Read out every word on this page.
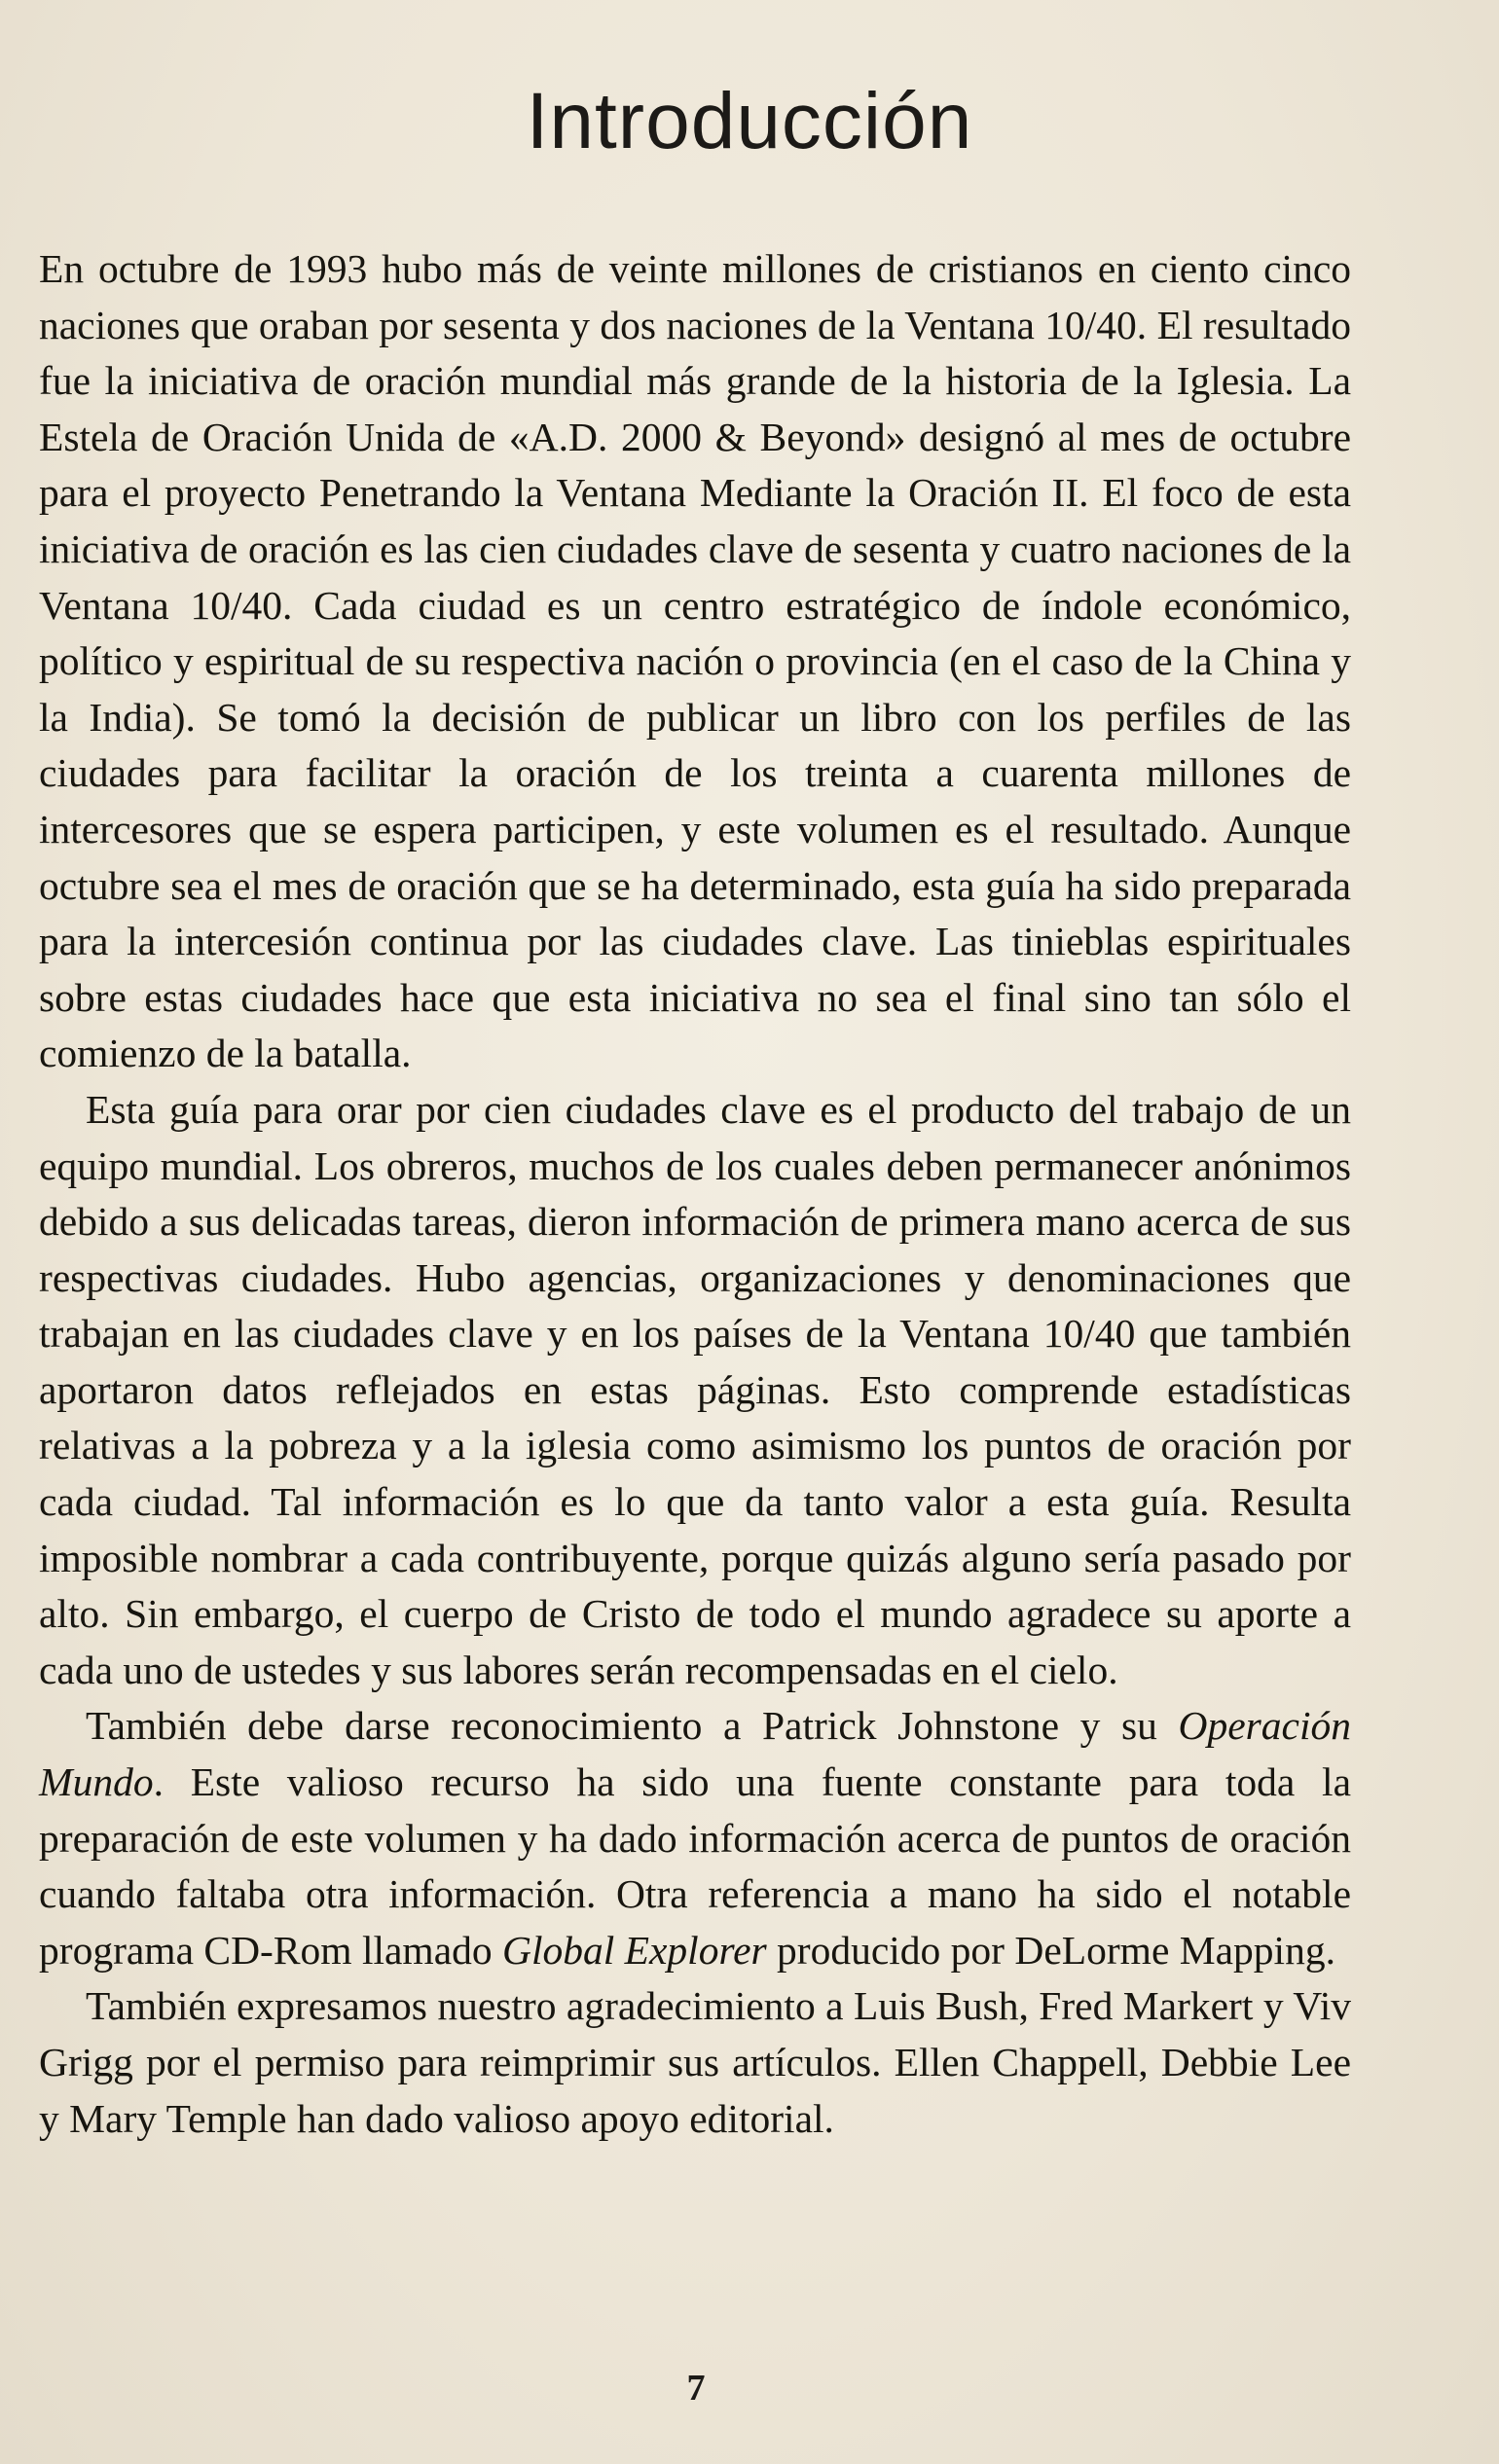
Introducción

En octubre de 1993 hubo más de veinte millones de cristianos en ciento cinco naciones que oraban por sesenta y dos naciones de la Ventana 10/40. El resultado fue la iniciativa de oración mundial más grande de la historia de la Iglesia. La Estela de Oración Unida de «A.D. 2000 & Beyond» designó al mes de octubre para el proyecto Penetrando la Ventana Mediante la Oración II. El foco de esta iniciativa de oración es las cien ciudades clave de sesenta y cuatro naciones de la Ventana 10/40. Cada ciudad es un centro estratégico de índole económico, político y espiritual de su respectiva nación o provincia (en el caso de la China y la India). Se tomó la decisión de publicar un libro con los perfiles de las ciudades para facilitar la oración de los treinta a cuarenta millones de intercesores que se espera participen, y este volumen es el resultado. Aunque octubre sea el mes de oración que se ha determinado, esta guía ha sido preparada para la intercesión continua por las ciudades clave. Las tinieblas espirituales sobre estas ciudades hace que esta iniciativa no sea el final sino tan sólo el comienzo de la batalla.

Esta guía para orar por cien ciudades clave es el producto del trabajo de un equipo mundial. Los obreros, muchos de los cuales deben permanecer anónimos debido a sus delicadas tareas, dieron información de primera mano acerca de sus respectivas ciudades. Hubo agencias, organizaciones y denominaciones que trabajan en las ciudades clave y en los países de la Ventana 10/40 que también aportaron datos reflejados en estas páginas. Esto comprende estadísticas relativas a la pobreza y a la iglesia como asimismo los puntos de oración por cada ciudad. Tal información es lo que da tanto valor a esta guía. Resulta imposible nombrar a cada contribuyente, porque quizás alguno sería pasado por alto. Sin embargo, el cuerpo de Cristo de todo el mundo agradece su aporte a cada uno de ustedes y sus labores serán recompensadas en el cielo.

También debe darse reconocimiento a Patrick Johnstone y su Operación Mundo. Este valioso recurso ha sido una fuente constante para toda la preparación de este volumen y ha dado información acerca de puntos de oración cuando faltaba otra información. Otra referencia a mano ha sido el notable programa CD-Rom llamado Global Explorer producido por DeLorme Mapping.

También expresamos nuestro agradecimiento a Luis Bush, Fred Markert y Viv Grigg por el permiso para reimprimir sus artículos. Ellen Chappell, Debbie Lee y Mary Temple han dado valioso apoyo editorial.

7
